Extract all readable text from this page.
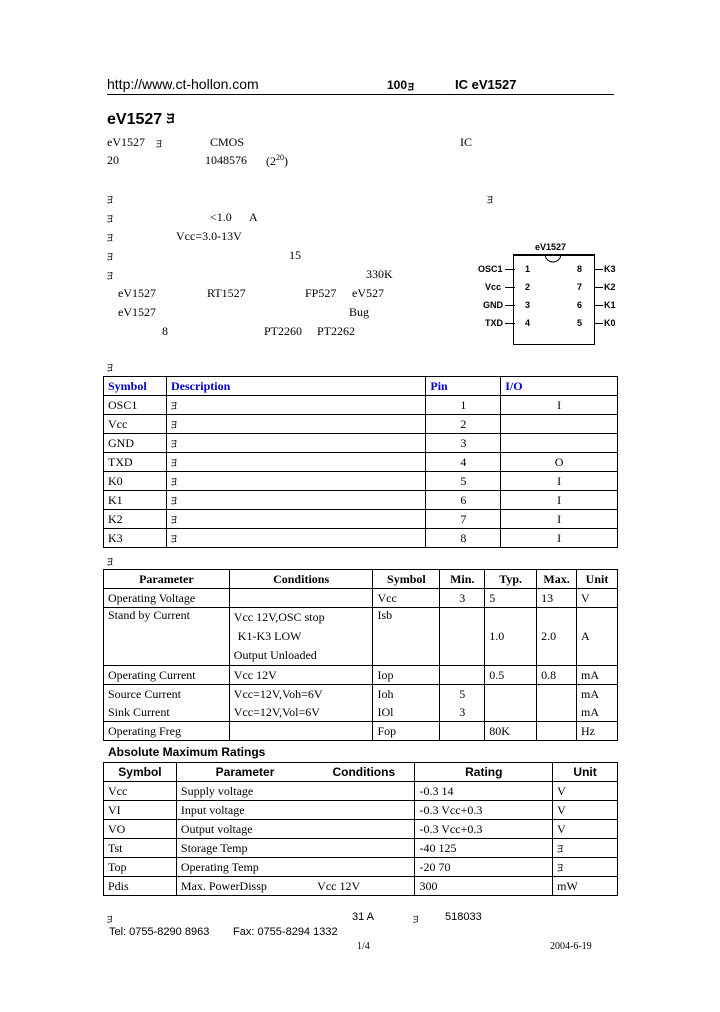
http://www.ct-hollon.com	100 ﾖ	IC eV1527
eV1527 ﾖ
eV1527 ﾖ	CMOS	IC
20	1048576 $(2^{20})$
ﾖ	ﾖ
ﾖ	<1.0 A
ﾖ	Vcc=3.0-13V
ﾖ	15
ﾖ	330K
eV1527	RT1527	FP527 eV527
eV1527	Bug
8	PT2260 PT2262
eV1527
OSC1 1
Vcc	2
GND 3
TXD 4
8 K3
7 K2
6 K1
5 K0
ﾖ
Symbol	Description	Pin	I/O
OSC1	ﾖ	1	I
Vcc	ﾖ	2	
GND	ﾖ	3	
TXD	ﾖ	4	O
K0	ﾖ	5	I
K1	ﾖ	6	I
K2	ﾖ	7	I
K3	ﾖ	8	I
ﾖ
Parameter	Conditions	Symbol	Min.	Typ.	Max.	Unit
Operating Voltage		Vcc	3	5	13	V
Stand by Current	Vcc 12V,OSC stop
K1-K3 LOW
Output Unloaded	Isb		1.0	2.0	A
Operating Current	Vcc 12V	Iop		0.5	0.8	mA
Source Current	Vcc=12V,Voh=6V	Ioh	5			mA
Sink Current	Vcc=12V,Vol=6V	IOl	3			mA
Operating Freg		Fop		80K		Hz
Absolute Maximum Ratings
Symbol	Parameter	Conditions	Rating	Unit
Vcc	Supply voltage		-0.3 14	V
VI	Input voltage		-0.3 Vcc+0.3	V
VO	Output voltage		-0.3 Vcc+0.3	V
Tst	Storage Temp		-40 125	ﾖ
Top	Operating Temp		-20 70	ﾖ
Pdis	Max. PowerDissp	Vcc 12V	300	mW
ﾖ	31 A	ﾖ 518033
Tel: 0755-8290 8963 Fax: 0755-8294 1332
1/4	2004-6-19
